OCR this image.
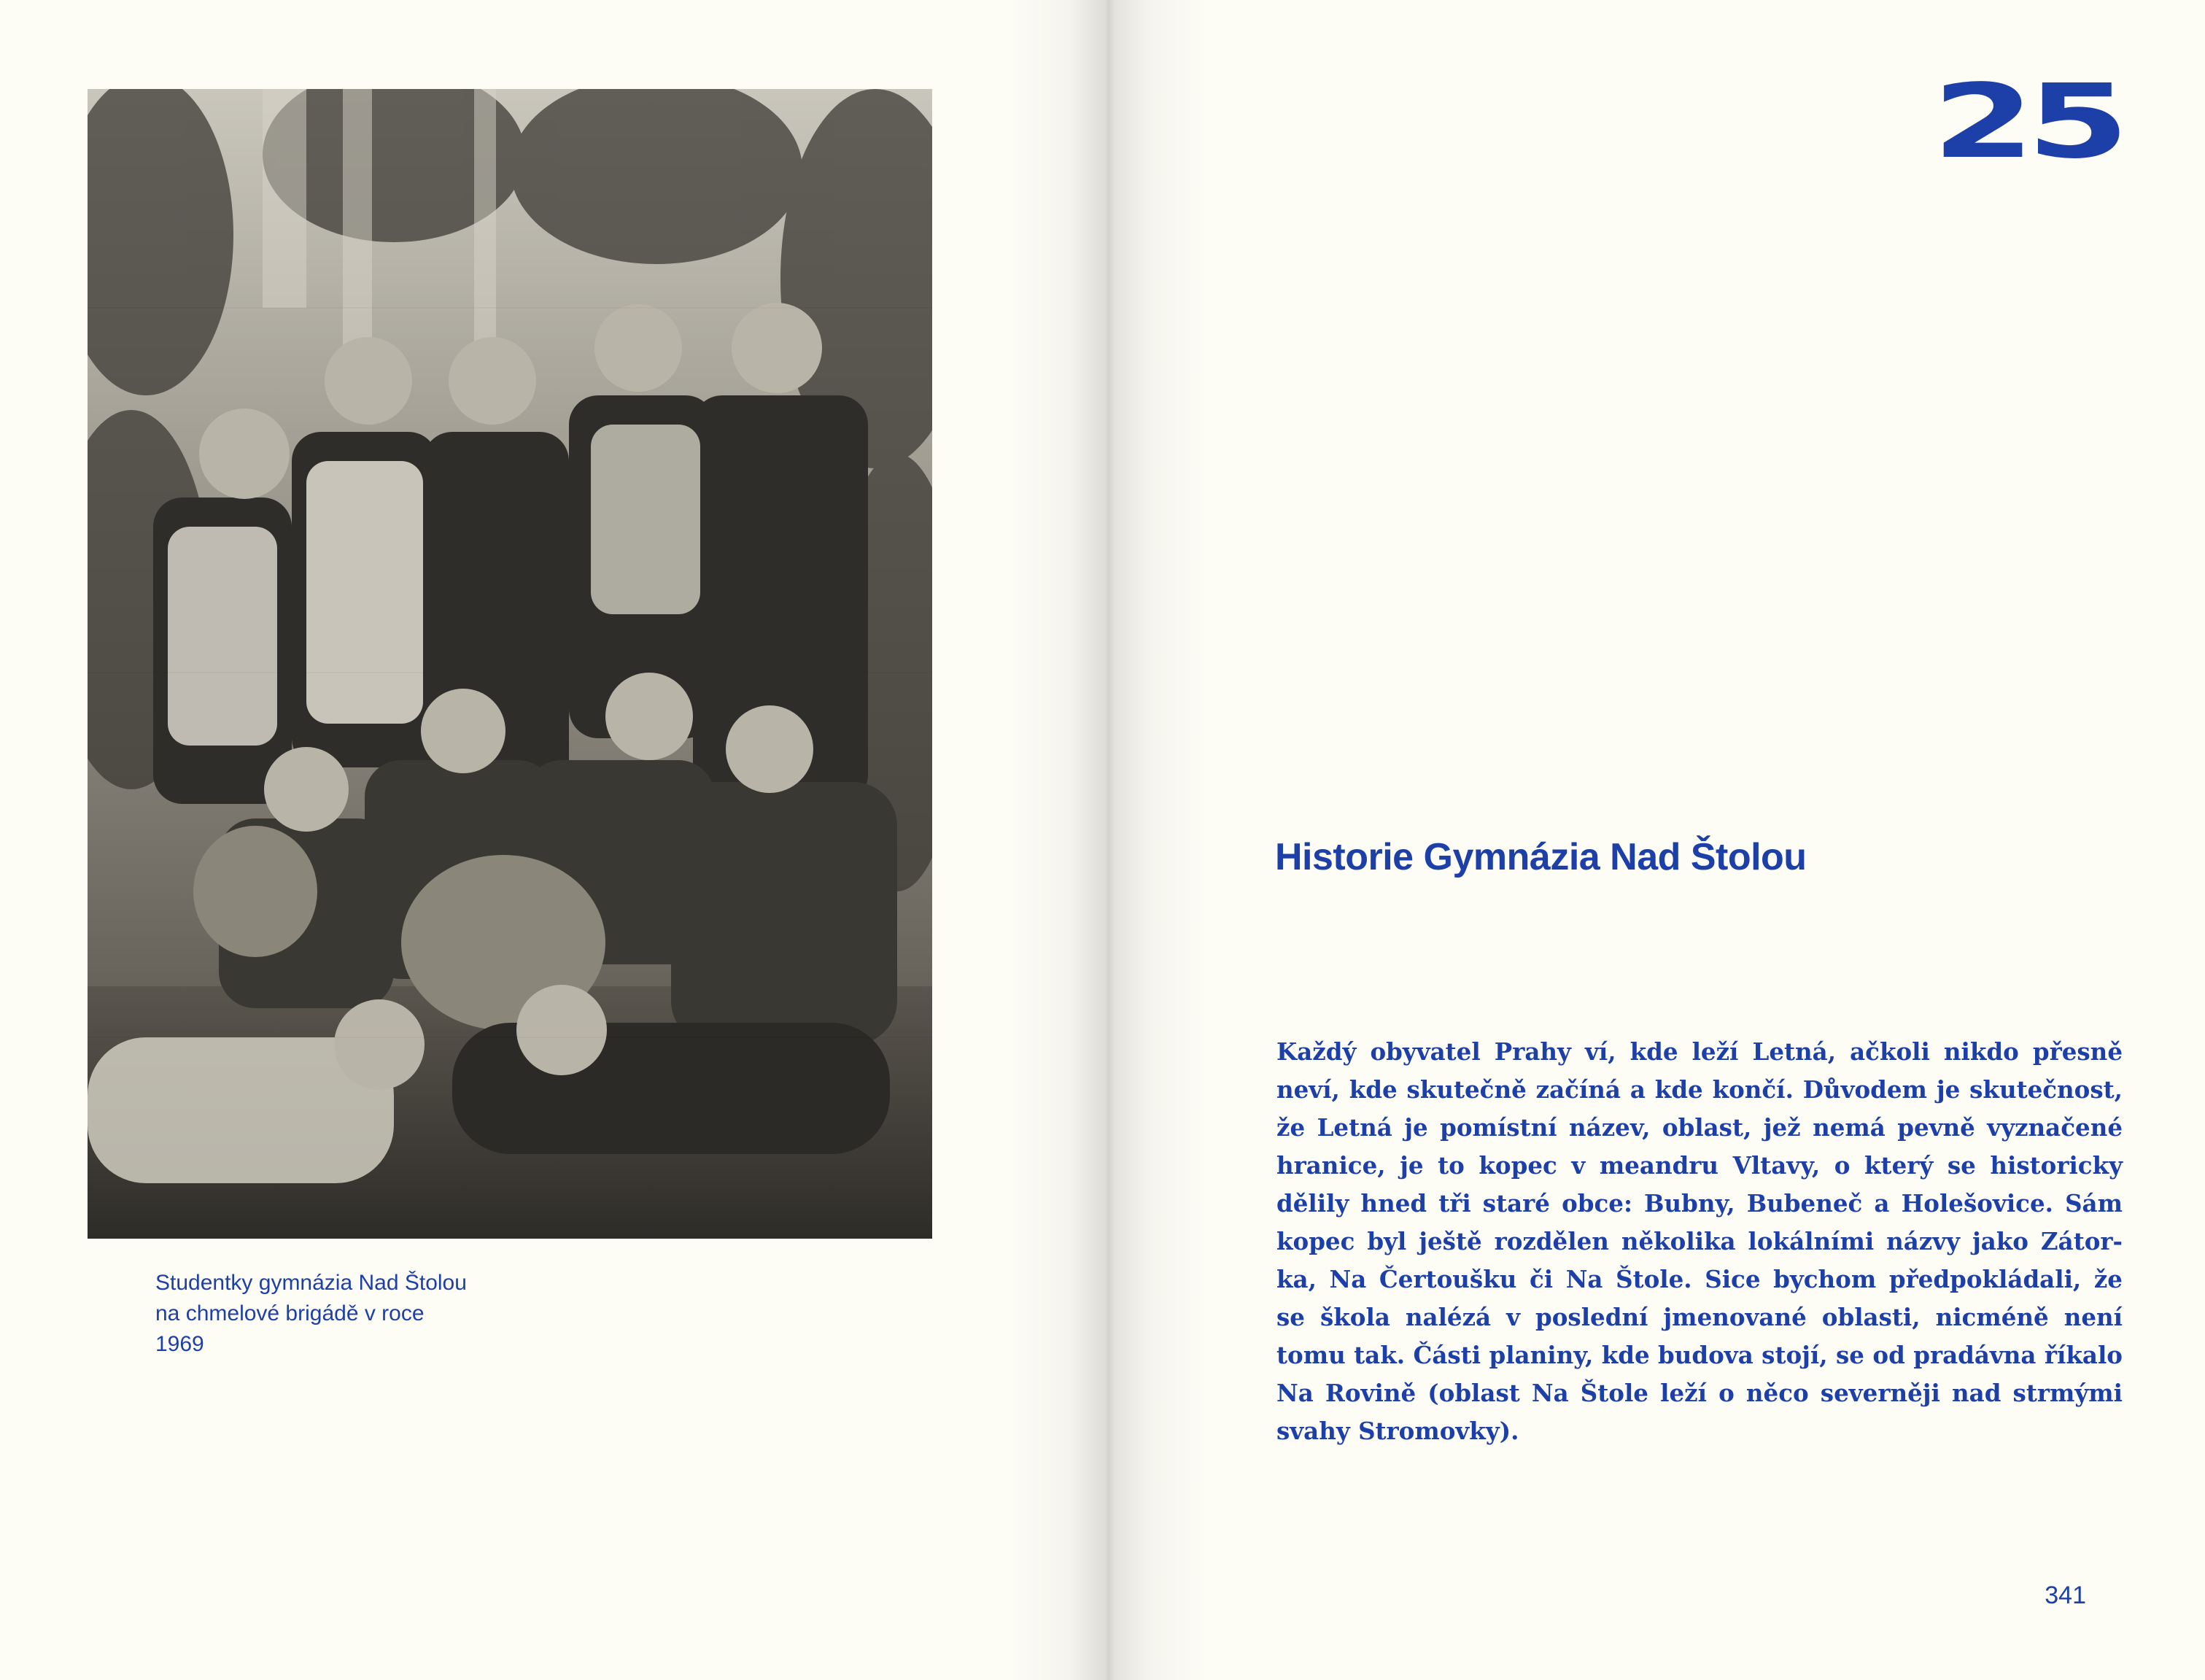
Studentky gymnázia Nad Štolou
na chmelové brigádě v roce
1969
25
Historie Gymnázia Nad Štolou
Každý obyvatel Prahy ví, kde leží Letná, ačkoli nikdo přesně
neví, kde skutečně začíná a kde končí. Důvodem je skutečnost,
že Letná je pomístní název, oblast, jež nemá pevně vyznačené
hranice, je to kopec v meandru Vltavy, o který se historicky
dělily hned tři staré obce: Bubny, Bubeneč a Holešovice. Sám
kopec byl ještě rozdělen několika lokálními názvy jako Zátor-
ka, Na Čertoušku či Na Štole. Sice bychom předpokládali, že
se škola nalézá v poslední jmenované oblasti, nicméně není
tomu tak. Části planiny, kde budova stojí, se od pradávna říkalo
Na Rovině (oblast Na Štole leží o něco severněji nad strmými
svahy Stromovky).
341
